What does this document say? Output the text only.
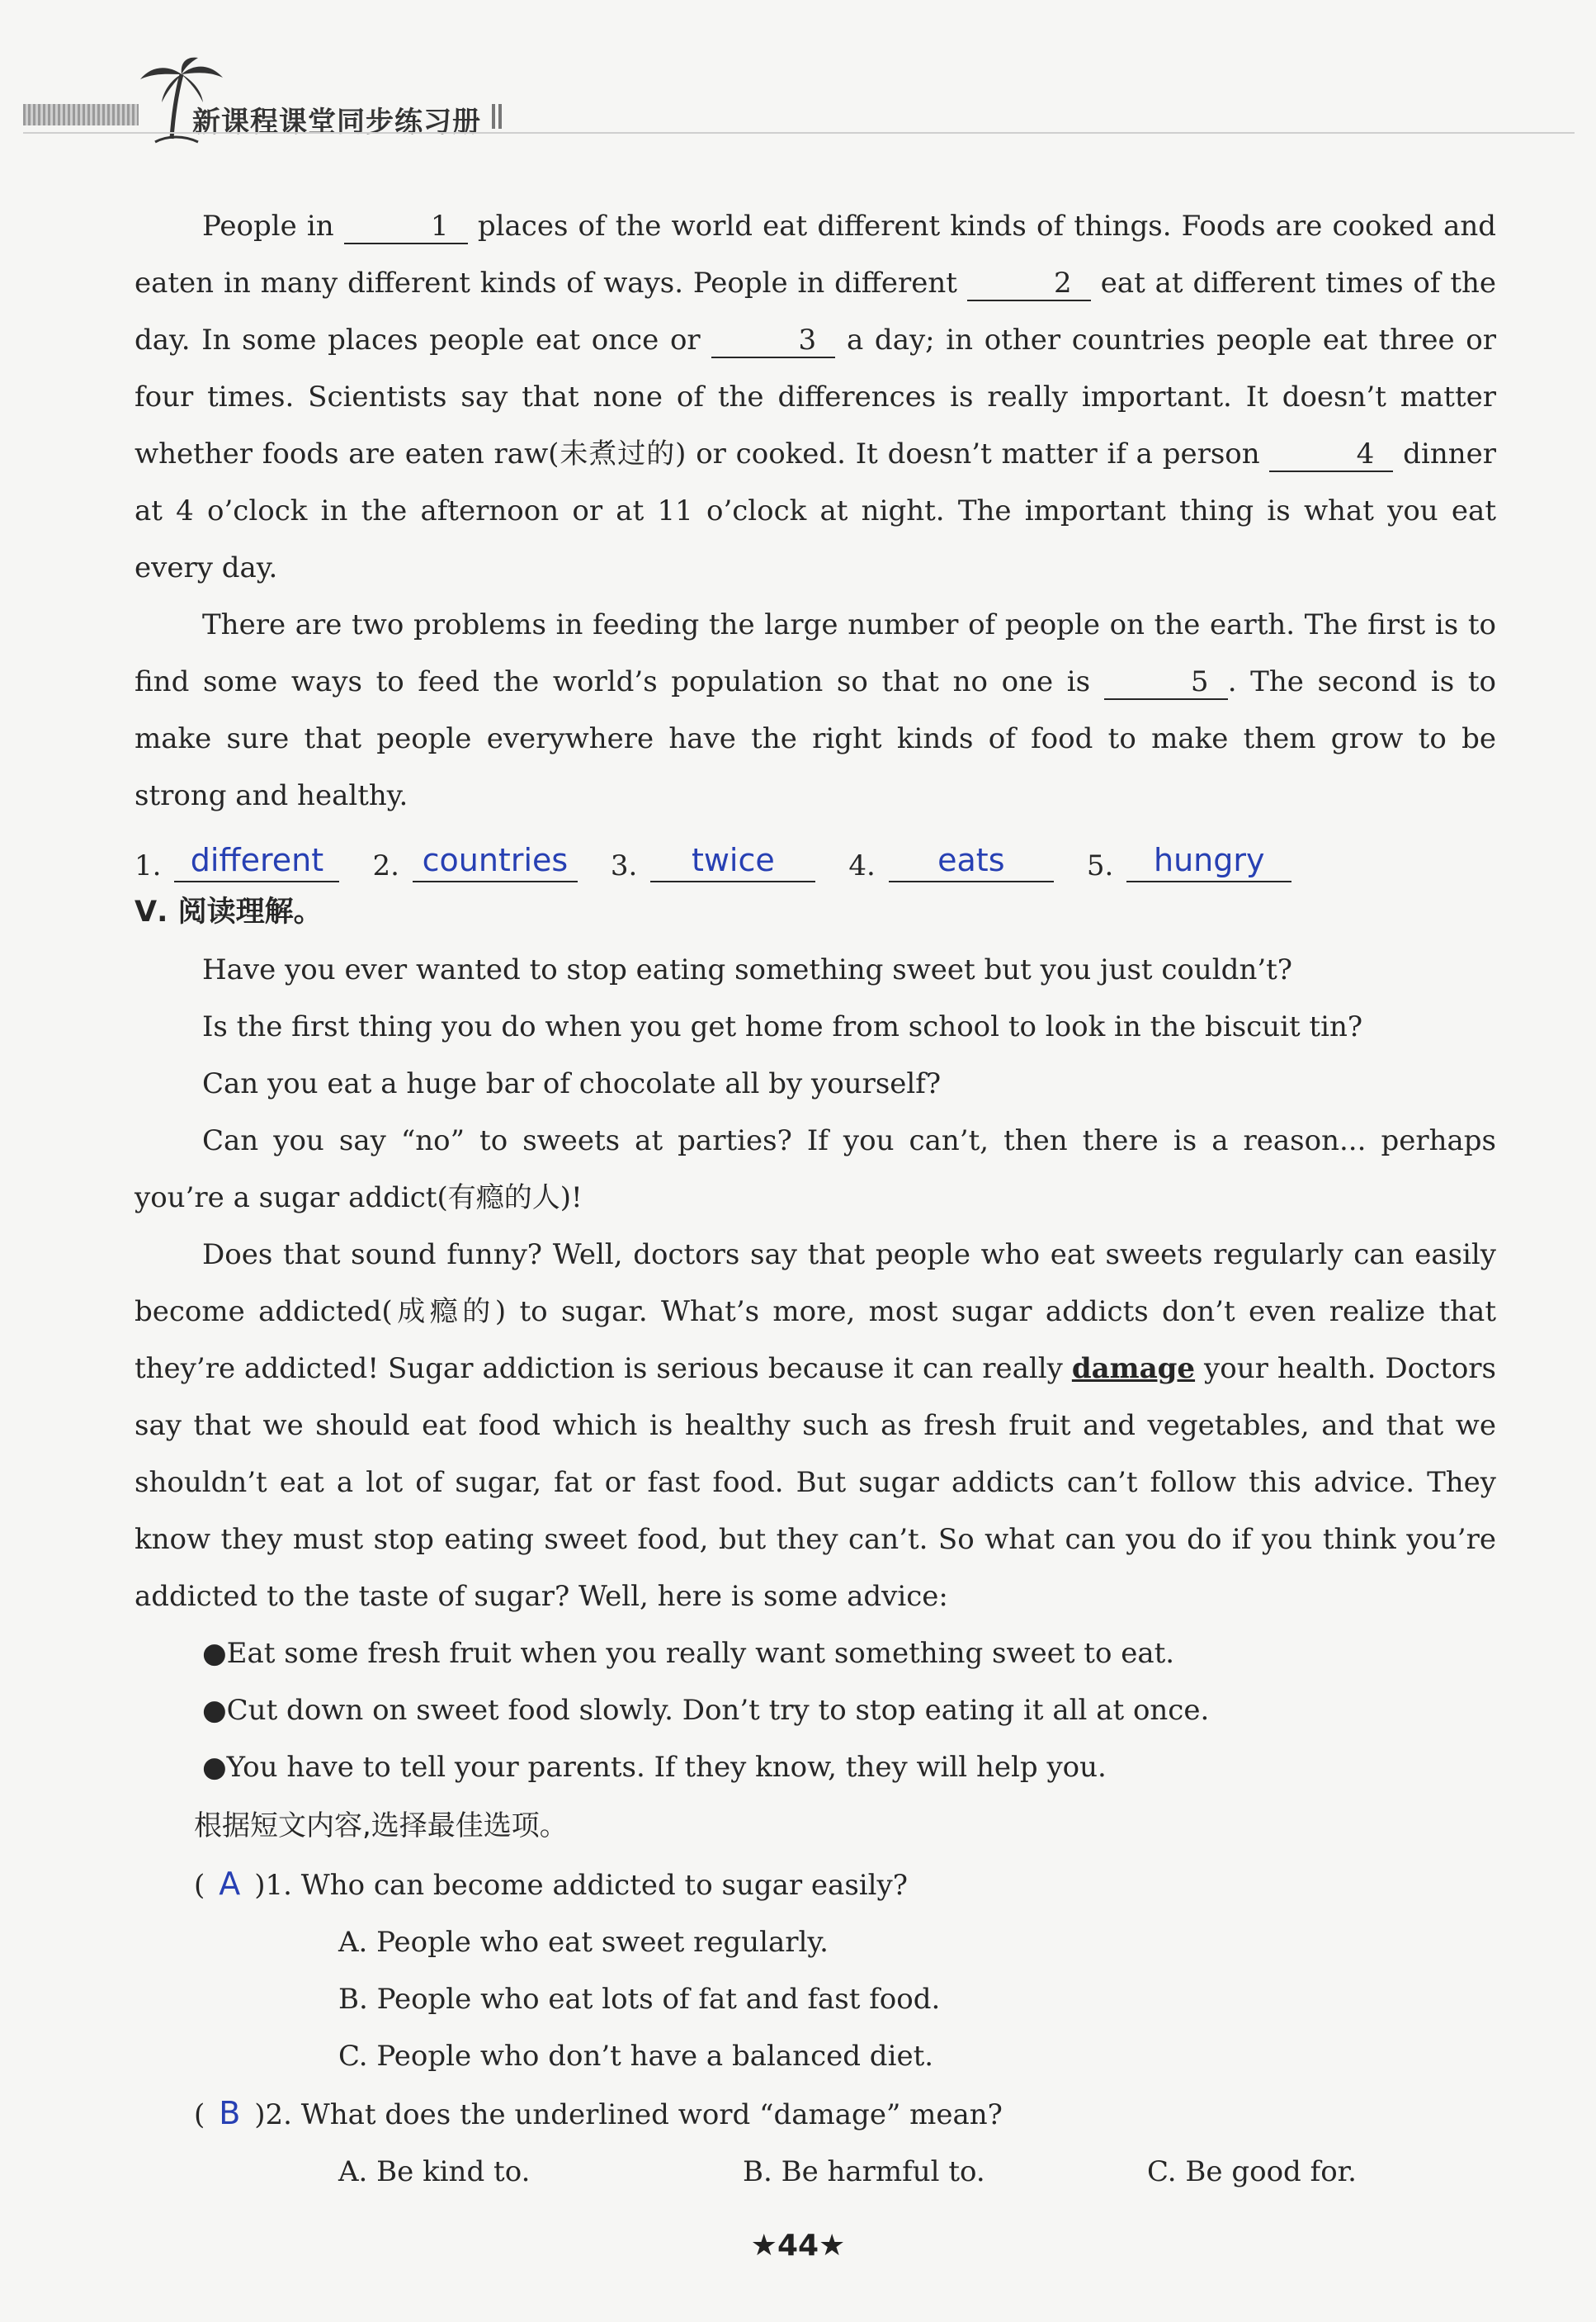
新课程课堂同步练习册

People in	1 places of the world eat different kinds of things. Foods are cooked and eaten in many different kinds of ways. People in different	2 eat at different times of the day. In some places people eat once or	3 a day; in other countries people eat three or four times. Scientists say that none of the differences is really important. It doesn’t matter whether foods are eaten raw(未煮过的) or cooked. It doesn’t matter if a person	4 dinner at 4 o’clock in the afternoon or at 11 o’clock at night. The important thing is what you eat every day.

There are two problems in feeding the large number of people on the earth. The first is to find some ways to feed the world’s population so that no one is	5 . The second is to make sure that people everywhere have the right kinds of food to make them grow to be strong and healthy.

1. different	2. countries	3.	twice	4.	eats	5.	hungry

Ⅴ. 阅读理解。

Have you ever wanted to stop eating something sweet but you just couldn’t?

Is the first thing you do when you get home from school to look in the biscuit tin?

Can you eat a huge bar of chocolate all by yourself?

Can you say “no” to sweets at parties? If you can’t, then there is a reason... perhaps you’re a sugar addict(有瘾的人)!

Does that sound funny? Well, doctors say that people who eat sweets regularly can easily become addicted(成瘾的) to sugar. What’s more, most sugar addicts don’t even realize that they’re addicted! Sugar addiction is serious because it can really damage your health. Doctors say that we should eat food which is healthy such as fresh fruit and vegetables, and that we shouldn’t eat a lot of sugar, fat or fast food. But sugar addicts can’t follow this advice. They know they must stop eating sweet food, but they can’t. So what can you do if you think you’re addicted to the taste of sugar? Well, here is some advice:

●Eat some fresh fruit when you really want something sweet to eat.

●Cut down on sweet food slowly. Don’t try to stop eating it all at once.

●You have to tell your parents. If they know, they will help you.

根据短文内容,选择最佳选项。

( A )1. Who can become addicted to sugar easily?

A. People who eat sweet regularly.

B. People who eat lots of fat and fast food.

C. People who don’t have a balanced diet.

( B )2. What does the underlined word “damage” mean?

A. Be kind to.	B. Be harmful to.	C. Be good for.
★44★
